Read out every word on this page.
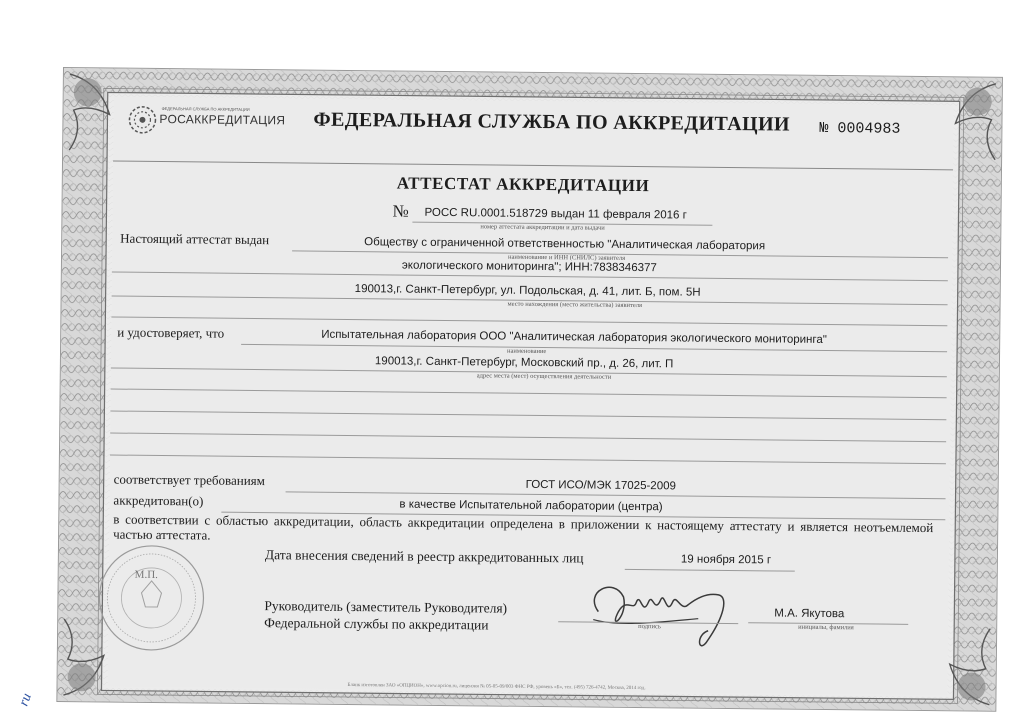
ФЕДЕРАЛЬНАЯ СЛУЖБА ПО АККРЕДИТАЦИИ
РОСАККРЕДИТАЦИЯ ФЕДЕРАЛЬНАЯ СЛУЖБА ПО АККРЕДИТАЦИИ № 0004983
АТТЕСТАТ АККРЕДИТАЦИИ
№ РОСС RU.0001.518729 выдан 11 февраля 2016 г
номер аттестата аккредитации и дата выдачи
Настоящий аттестат выдан	Обществу с ограниченной ответственностью "Аналитическая лаборатория
наименование и ИНН (СНИЛС) заявителя
экологического мониторинга"; ИНН:7838346377
190013,г. Санкт-Петербург, ул. Подольская, д. 41, лит. Б, пом. 5Н
место нахождения (место жительства) заявителя
и удостоверяет, что	Испытательная лаборатория ООО "Аналитическая лаборатория экологического мониторинга"
наименование
190013,г. Санкт-Петербург, Московский пр., д. 26, лит. П
адрес места (мест) осуществления деятельности
соответствует требованиям	ГОСТ ИСО/МЭК 17025-2009
аккредитован(о)	в качестве Испытательной лаборатории (центра)
в соответствии с областью аккредитации, область аккредитации определена в приложении к настоящему аттестату и является неотъемлемой частью аттестата.
Дата внесения сведений в реестр аккредитованных лиц	19 ноября 2015 г
М.П.
Руководитель (заместитель Руководителя)
Федеральной службы по аккредитации	подпись
М.А. Якутова
инициалы, фамилия
Бланк изготовлен ЗАО «ОПЦИОН», www.opcion.ru, лицензия № 05-05-09/003 ФНС РФ, уровень «Б», тел. (495) 726-4742, Москва, 2014 год.
ru
